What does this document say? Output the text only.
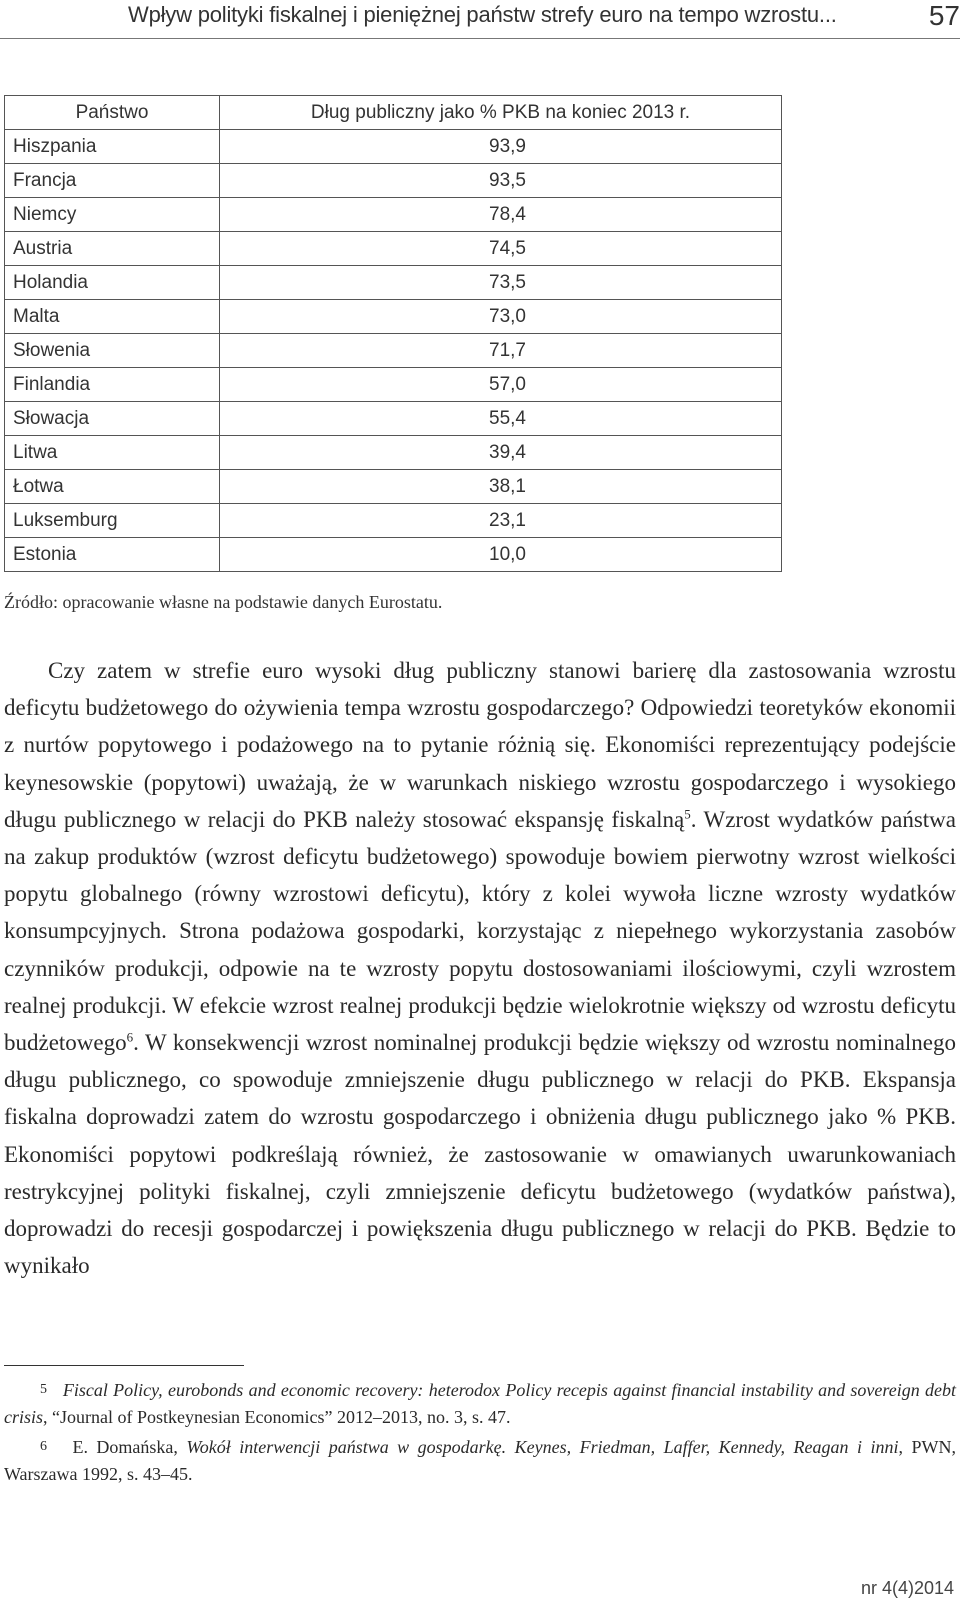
Wpływ polityki fiskalnej i pieniężnej państw strefy euro na tempo wzrostu...	57
Państwo	Dług publiczny jako % PKB na koniec 2013 r.
Hiszpania	93,9
Francja	93,5
Niemcy	78,4
Austria	74,5
Holandia	73,5
Malta	73,0
Słowenia	71,7
Finlandia	57,0
Słowacja	55,4
Litwa	39,4
Łotwa	38,1
Luksemburg	23,1
Estonia	10,0
Źródło: opracowanie własne na podstawie danych Eurostatu.

Czy zatem w strefie euro wysoki dług publiczny stanowi barierę dla zastosowania wzrostu deficytu budżetowego do ożywienia tempa wzrostu gospodarczego? Odpowiedzi teoretyków ekonomii z nurtów popytowego i podażowego na to pytanie różnią się. Ekonomiści reprezentujący podejście keynesowskie (popytowi) uważają, że w warunkach niskiego wzrostu gospodarczego i wysokiego długu publicznego w relacji do PKB należy stosować ekspansję fiskalną$^5$. Wzrost wydatków państwa na zakup produktów (wzrost deficytu budżetowego) spowoduje bowiem pierwotny wzrost wielkości popytu globalnego (równy wzrostowi deficytu), który z kolei wywoła liczne wzrosty wydatków konsumpcyjnych. Strona podażowa gospodarki, korzystając z niepełnego wykorzystania zasobów czynników produkcji, odpowie na te wzrosty popytu dostosowaniami ilościowymi, czyli wzrostem realnej produkcji. W efekcie wzrost realnej produkcji będzie wielokrotnie większy od wzrostu deficytu budżetowego$^6$. W konsekwencji wzrost nominalnej produkcji będzie większy od wzrostu nominalnego długu publicznego, co spowoduje zmniejszenie długu publicznego w relacji do PKB. Ekspansja fiskalna doprowadzi zatem do wzrostu gospodarczego i obniżenia długu publicznego jako % PKB. Ekonomiści popytowi podkreślają również, że zastosowanie w omawianych uwarunkowaniach restrykcyjnej polityki fiskalnej, czyli zmniejszenie deficytu budżetowego (wydatków państwa), doprowadzi do recesji gospodarczej i powiększenia długu publicznego w relacji do PKB. Będzie to wynikało

5 Fiscal Policy, eurobonds and economic recovery: heterodox Policy recepis against financial instability and sovereign debt crisis, “Journal of Postkeynesian Economics” 2012–2013, no. 3, s. 47.

6 E. Domańska, Wokół interwencji państwa w gospodarkę. Keynes, Friedman, Laffer, Kennedy, Reagan i inni, PWN, Warszawa 1992, s. 43–45.

nr 4(4)2014
